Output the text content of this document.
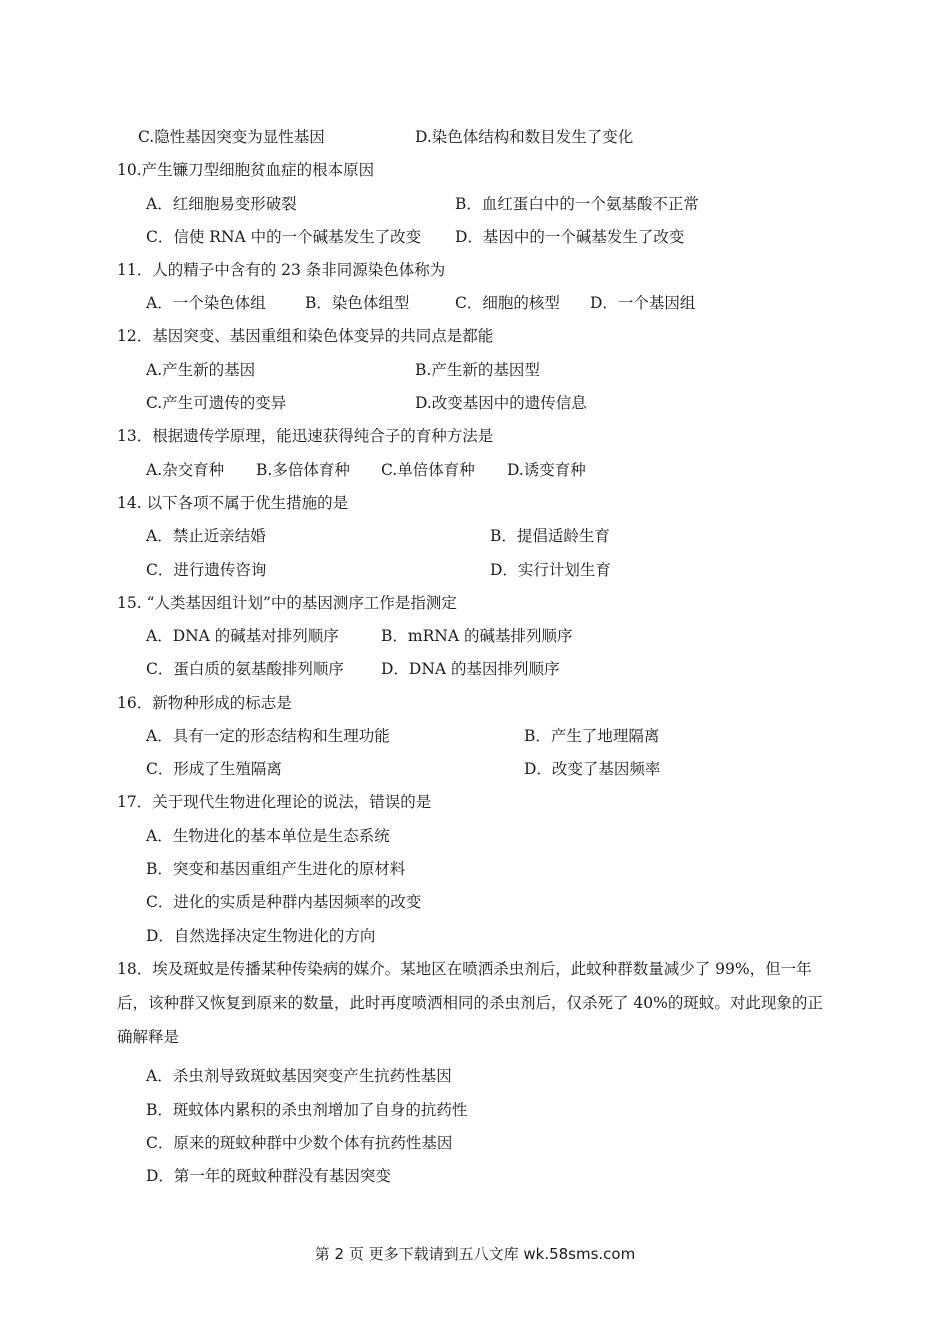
C.隐性基因突变为显性基因	D.染色体结构和数目发生了变化
10.产生镰刀型细胞贫血症的根本原因
A．红细胞易变形破裂	B．血红蛋白中的一个氨基酸不正常
C．信使 RNA 中的一个碱基发生了改变 D．基因中的一个碱基发生了改变
11．人的精子中含有的 23 条非同源染色体称为
A．一个染色体组	B．染色体组型	C．细胞的核型 D．一个基因组
12．基因突变、基因重组和染色体变异的共同点是都能
A.产生新的基因	B.产生新的基因型
C.产生可遗传的变异	D.改变基因中的遗传信息
13．根据遗传学原理，能迅速获得纯合子的育种方法是
A.杂交育种 B.多倍体育种 C.单倍体育种 D.诱变育种
14. 以下各项不属于优生措施的是
A．禁止近亲结婚	B．提倡适龄生育
C．进行遗传咨询	D．实行计划生育
15. “人类基因组计划”中的基因测序工作是指测定
A．DNA 的碱基对排列顺序	B．mRNA 的碱基排列顺序
C．蛋白质的氨基酸排列顺序 D．DNA 的基因排列顺序
16．新物种形成的标志是
A．具有一定的形态结构和生理功能	B．产生了地理隔离
C．形成了生殖隔离	D．改变了基因频率
17．关于现代生物进化理论的说法，错误的是
A．生物进化的基本单位是生态系统
B．突变和基因重组产生进化的原材料
C．进化的实质是种群内基因频率的改变
D．自然选择决定生物进化的方向
18．埃及斑蚊是传播某种传染病的媒介。某地区在喷洒杀虫剂后，此蚊种群数量减少了 99%，但一年后，该种群又恢复到原来的数量，此时再度喷洒相同的杀虫剂后，仅杀死了 40%的斑蚊。对此现象的正确解释是
A．杀虫剂导致斑蚊基因突变产生抗药性基因
B．斑蚊体内累积的杀虫剂增加了自身的抗药性
C．原来的斑蚊种群中少数个体有抗药性基因
D．第一年的斑蚊种群没有基因突变
第 2 页 更多下载请到五八文库 wk.58sms.com
